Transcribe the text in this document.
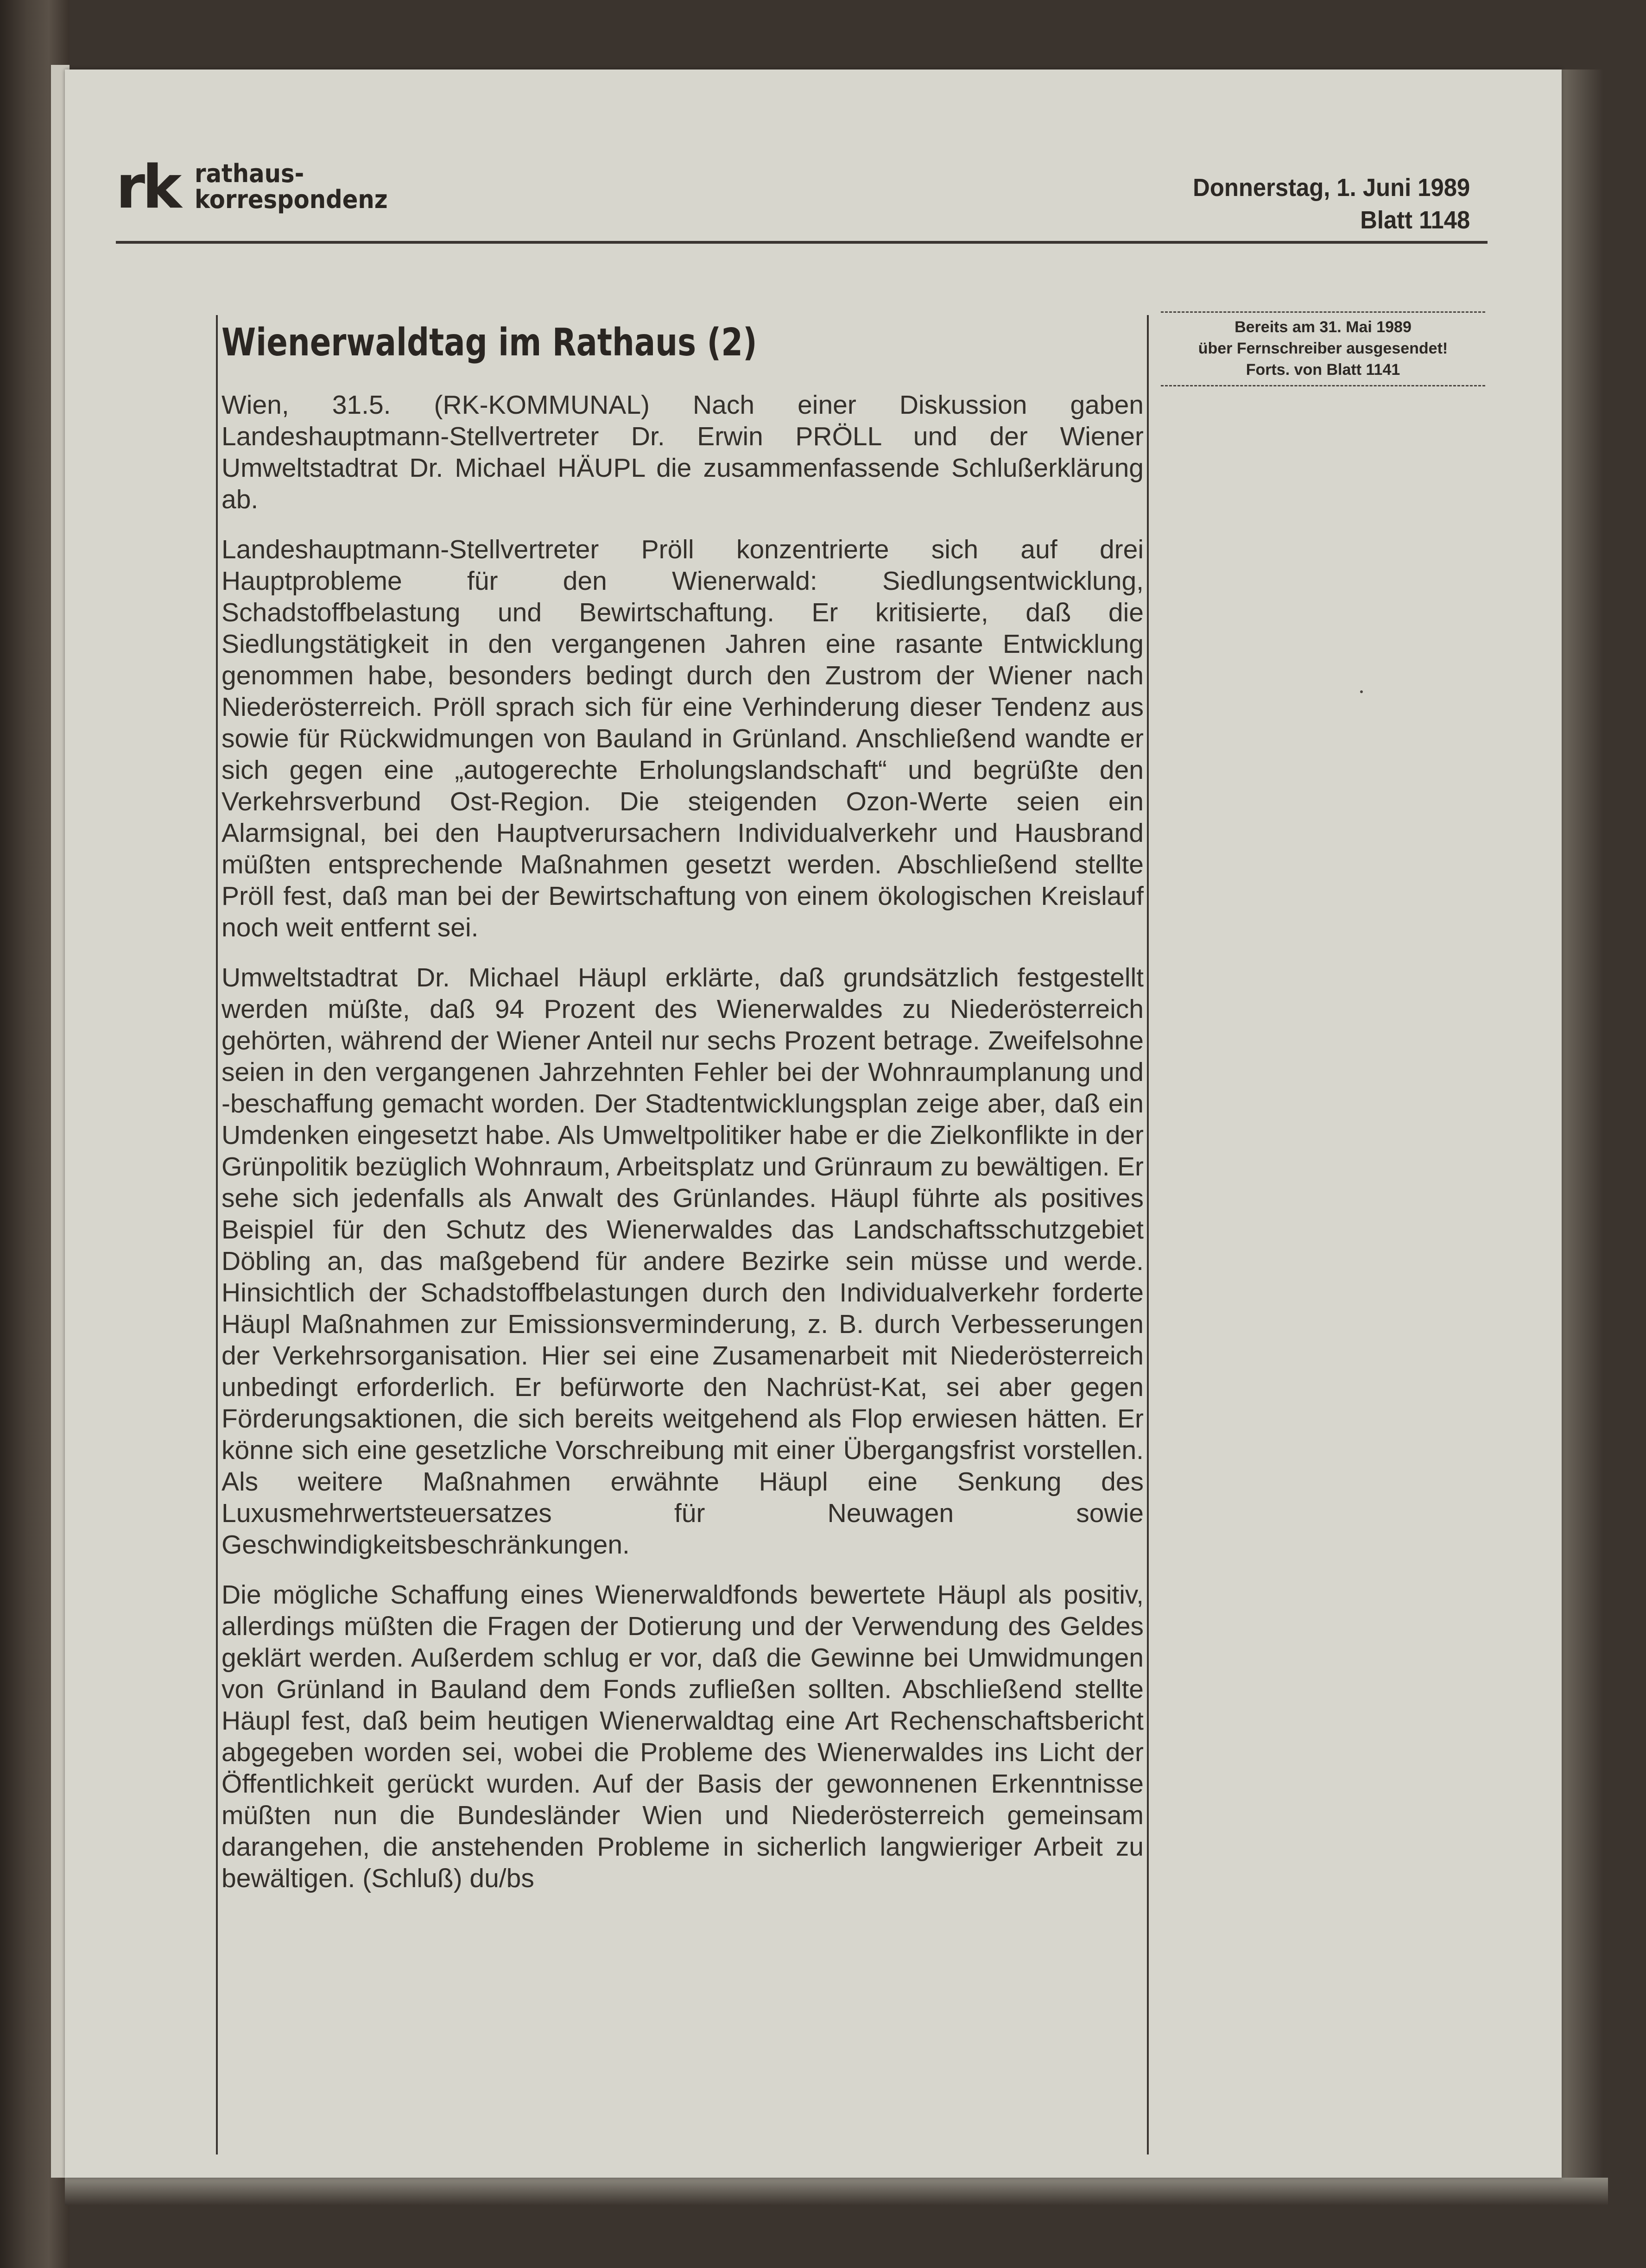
rk rathaus-
korrespondenz	Donnerstag, 1. Juni 1989
Blatt 1148
Wienerwaldtag im Rathaus (2)

Wien, 31.5. (RK-KOMMUNAL) Nach einer Diskussion gaben Landeshauptmann-Stellvertreter Dr. Erwin PRÖLL und der Wiener Umweltstadtrat Dr. Michael HÄUPL die zusammenfassende Schlußerklärung ab.

Landeshauptmann-Stellvertreter Pröll konzentrierte sich auf drei Hauptprobleme für den Wienerwald: Siedlungsentwicklung, Schadstoffbelastung und Bewirtschaftung. Er kritisierte, daß die Siedlungstätigkeit in den vergangenen Jahren eine rasante Entwicklung genommen habe, besonders bedingt durch den Zustrom der Wiener nach Niederösterreich. Pröll sprach sich für eine Verhinderung dieser Tendenz aus sowie für Rückwidmungen von Bauland in Grünland. Anschließend wandte er sich gegen eine „autogerechte Erholungslandschaft“ und begrüßte den Verkehrsverbund Ost-Region. Die steigenden Ozon-Werte seien ein Alarmsignal, bei den Hauptverursachern Individualverkehr und Hausbrand müßten entsprechende Maßnahmen gesetzt werden. Abschließend stellte Pröll fest, daß man bei der Bewirtschaftung von einem ökologischen Kreislauf noch weit entfernt sei.

Umweltstadtrat Dr. Michael Häupl erklärte, daß grundsätzlich festgestellt werden müßte, daß 94 Prozent des Wienerwaldes zu Niederösterreich gehörten, während der Wiener Anteil nur sechs Prozent betrage. Zweifelsohne seien in den vergangenen Jahrzehnten Fehler bei der Wohnraumplanung und -beschaffung gemacht worden. Der Stadtentwicklungsplan zeige aber, daß ein Umdenken eingesetzt habe. Als Umweltpolitiker habe er die Zielkonflikte in der Grünpolitik bezüglich Wohnraum, Arbeitsplatz und Grünraum zu bewältigen. Er sehe sich jedenfalls als Anwalt des Grünlandes. Häupl führte als positives Beispiel für den Schutz des Wienerwaldes das Landschaftsschutzgebiet Döbling an, das maßgebend für andere Bezirke sein müsse und werde. Hinsichtlich der Schadstoffbelastungen durch den Individualverkehr forderte Häupl Maßnahmen zur Emissionsverminderung, z. B. durch Verbesserungen der Verkehrsorganisation. Hier sei eine Zusamenarbeit mit Niederösterreich unbedingt erforderlich. Er befürworte den Nachrüst-Kat, sei aber gegen Förderungsaktionen, die sich bereits weitgehend als Flop erwiesen hätten. Er könne sich eine gesetzliche Vorschreibung mit einer Übergangsfrist vorstellen. Als weitere Maßnahmen erwähnte Häupl eine Senkung des Luxusmehrwertsteuersatzes für Neuwagen sowie Geschwindigkeitsbeschränkungen.

Die mögliche Schaffung eines Wienerwaldfonds bewertete Häupl als positiv, allerdings müßten die Fragen der Dotierung und der Verwendung des Geldes geklärt werden. Außerdem schlug er vor, daß die Gewinne bei Umwidmungen von Grünland in Bauland dem Fonds zufließen sollten. Abschließend stellte Häupl fest, daß beim heutigen Wienerwaldtag eine Art Rechenschaftsbericht abgegeben worden sei, wobei die Probleme des Wienerwaldes ins Licht der Öffentlichkeit gerückt wurden. Auf der Basis der gewonnenen Erkenntnisse müßten nun die Bundesländer Wien und Niederösterreich gemeinsam darangehen, die anstehenden Probleme in sicherlich langwieriger Arbeit zu bewältigen. (Schluß) du/bs

Bereits am 31. Mai 1989
über Fernschreiber ausgesendet!
Forts. von Blatt 1141
